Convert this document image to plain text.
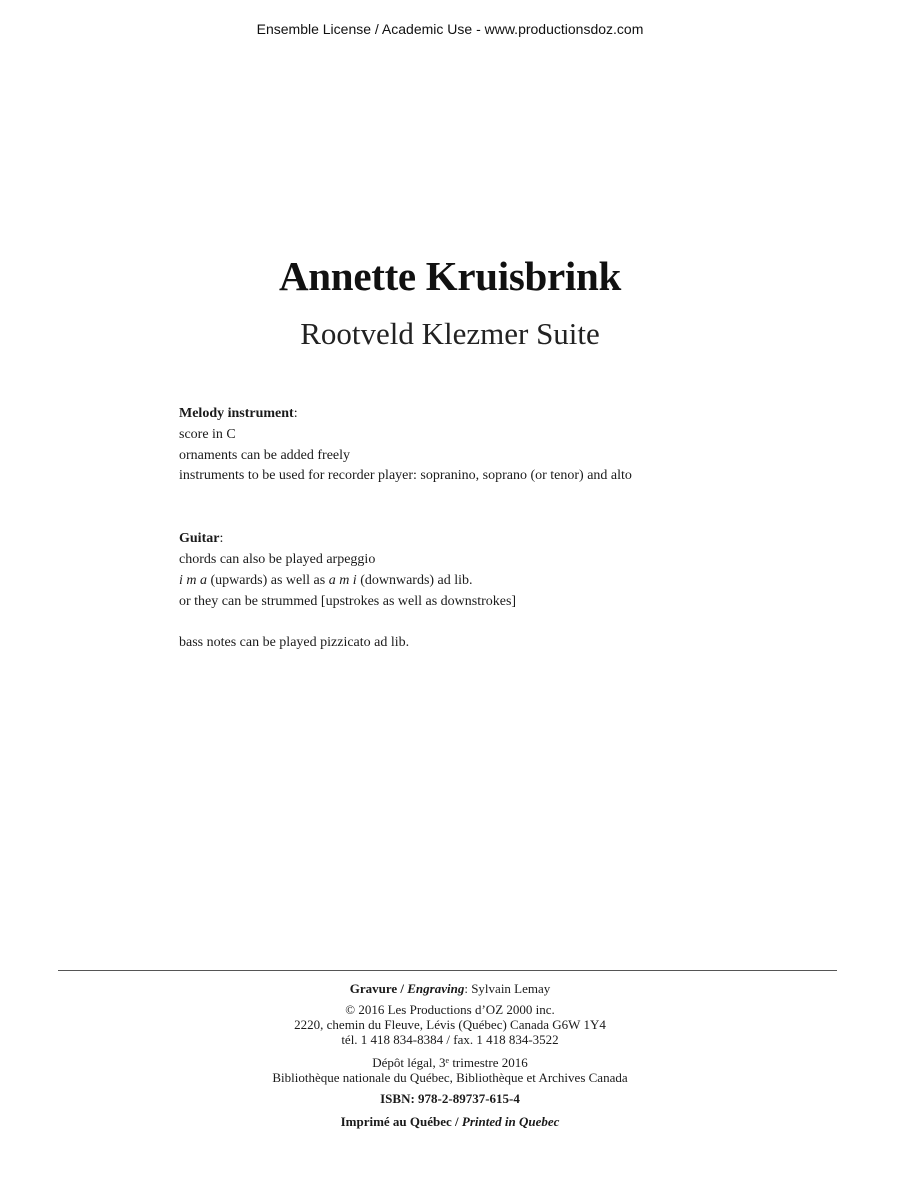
Ensemble License / Academic Use - www.productionsdoz.com
Annette Kruisbrink
Rootveld Klezmer Suite

Melody instrument:

score in C

ornaments can be added freely

instruments to be used for recorder player: sopranino, soprano (or tenor) and alto

Guitar:

chords can also be played arpeggio

i m a (upwards) as well as a m i (downwards) ad lib.

or they can be strummed [upstrokes as well as downstrokes]

bass notes can be played pizzicato ad lib.

Gravure / Engraving: Sylvain Lemay

© 2016 Les Productions d’OZ 2000 inc.

2220, chemin du Fleuve, Lévis (Québec) Canada G6W 1Y4

tél. 1 418 834-8384 / fax. 1 418 834-3522

Dépôt légal, 3e trimestre 2016

Bibliothèque nationale du Québec, Bibliothèque et Archives Canada

ISBN: 978-2-89737-615-4

Imprimé au Québec / Printed in Quebec
